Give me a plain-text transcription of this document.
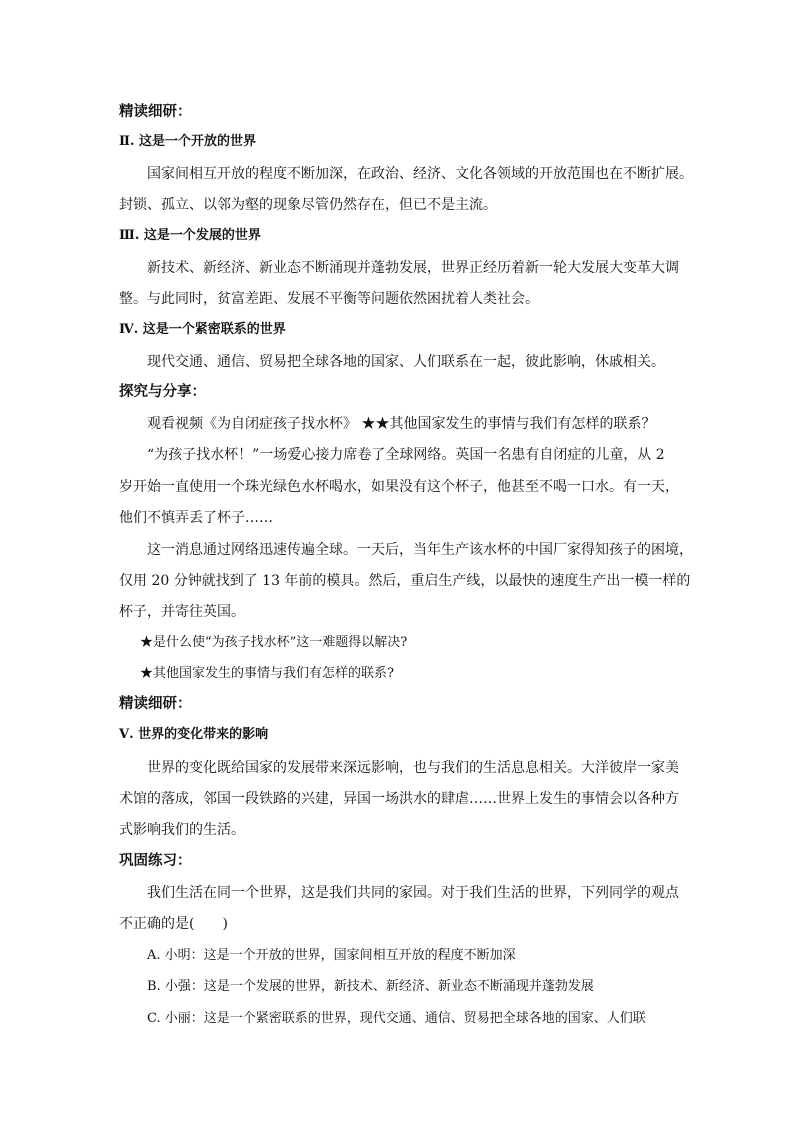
精读细研：
Ⅱ. 这是一个开放的世界
国家间相互开放的程度不断加深，在政治、经济、文化各领域的开放范围也在不断扩展。
封锁、孤立、以邻为壑的现象尽管仍然存在，但已不是主流。
Ⅲ. 这是一个发展的世界
新技术、新经济、新业态不断涌现并蓬勃发展，世界正经历着新一轮大发展大变革大调
整。与此同时，贫富差距、发展不平衡等问题依然困扰着人类社会。
Ⅳ. 这是一个紧密联系的世界
现代交通、通信、贸易把全球各地的国家、人们联系在一起，彼此影响，休戚相关。
探究与分享：
观看视频《为自闭症孩子找水杯》 ★★其他国家发生的事情与我们有怎样的联系？
“为孩子找水杯！”一场爱心接力席卷了全球网络。英国一名患有自闭症的儿童，从 2
岁开始一直使用一个珠光绿色水杯喝水，如果没有这个杯子，他甚至不喝一口水。有一天，
他们不慎弄丢了杯子……
这一消息通过网络迅速传遍全球。一天后，当年生产该水杯的中国厂家得知孩子的困境，
仅用 20 分钟就找到了 13 年前的模具。然后，重启生产线，以最快的速度生产出一模一样的
杯子，并寄往英国。
★是什么使“为孩子找水杯”这一难题得以解决?
★其他国家发生的事情与我们有怎样的联系?
精读细研：
Ⅴ. 世界的变化带来的影响
世界的变化既给国家的发展带来深远影响，也与我们的生活息息相关。大洋彼岸一家美
术馆的落成，邻国一段铁路的兴建，异国一场洪水的肆虐……世界上发生的事情会以各种方
式影响我们的生活。
巩固练习：
我们生活在同一个世界，这是我们共同的家园。对于我们生活的世界，下列同学的观点
不正确的是(　　)
A. 小明：这是一个开放的世界，国家间相互开放的程度不断加深
B. 小强：这是一个发展的世界，新技术、新经济、新业态不断涌现并蓬勃发展
C. 小丽：这是一个紧密联系的世界，现代交通、通信、贸易把全球各地的国家、人们联
